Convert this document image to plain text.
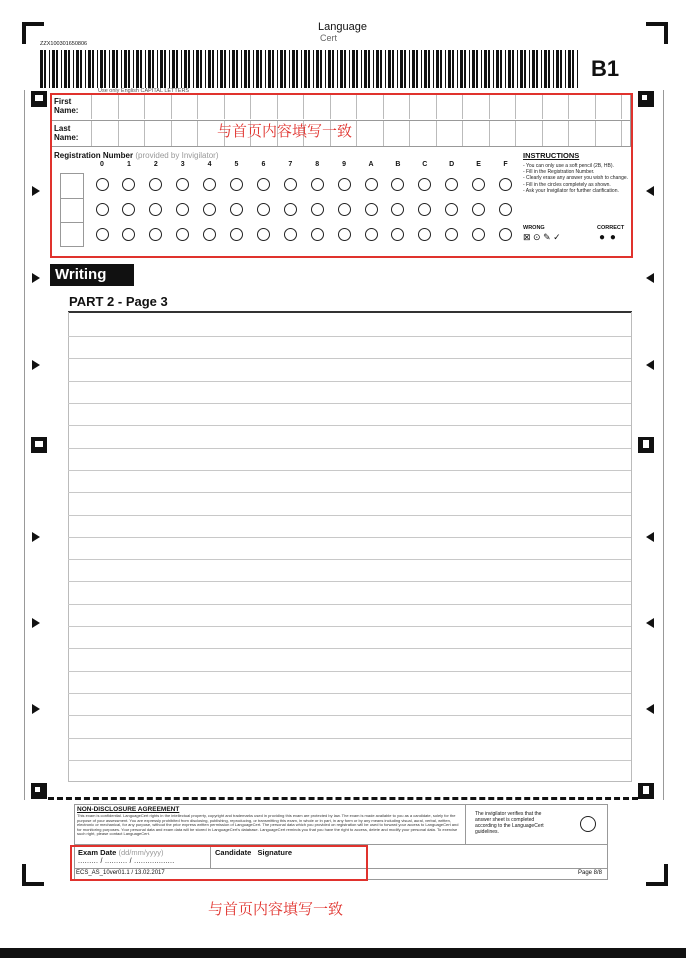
ZZX100301650806
Language
Cert
B1
Use only English CAPITAL LETTERS
First
Name:
Last
Name:	与首页内容填写一致
Registration Number (provided by Invigilator)
0	1	2	3	4	5	6	7	8	9	A	B	C	D	E	F
INSTRUCTIONS
- You can only use a soft pencil (2B, HB).
- Fill in the Registration Number.
- Clearly erase any answer you wish to change.
- Fill in the circles completely as shown.
- Ask your Invigilator for further clarification.
WRONG
⊠ ⊙ ✎ ✓
CORRECT
● ●
Writing
PART 2 - Page 3
NON-DISCLOSURE AGREEMENT
This exam is confidential. LanguageCert rights in the intellectual property, copyright and trademarks used in providing this exam are protected by law. The exam is made available to you as a candidate, solely for the purpose of your assessment. You are expressly prohibited from disclosing, publishing, reproducing, or transmitting this exam, in whole or in part, in any form or by any means including visual, aural, verbal, written, electronic or mechanical, for any purpose, without the prior express written permission of LanguageCert. The personal data which you provided on registration will be used to forward your access to LanguageCert and for monitoring purposes. Your personal data and exam data will be stored in LanguageCert's database. LanguageCert reminds you that you have the right to access, delete and modify your personal data. To exercise such right, please contact LanguageCert.
The invigilator verifies that the answer sheet is completed according to the LanguageCert guidelines.
Exam Date (dd/mm/yyyy)
......... / .......... / ..................
Candidate   Signature
ECS_AS_10ver01.1 / 13.02.2017	Page 8/8
与首页内容填写一致
